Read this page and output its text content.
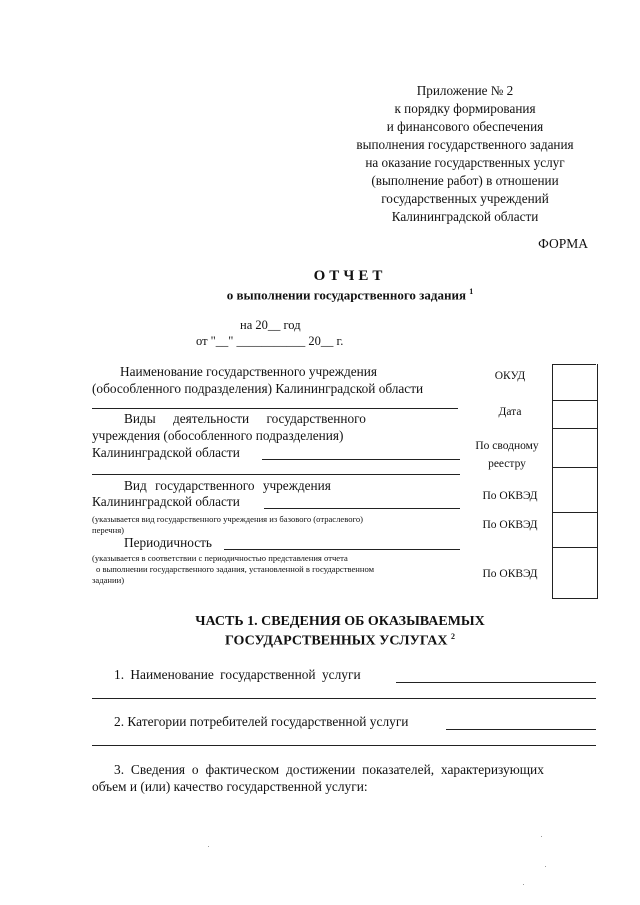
Приложение № 2
к порядку формирования
и финансового обеспечения
выполнения государственного задания
на оказание государственных услуг
(выполнение работ) в отношении
государственных учреждений
Калининградской области
ФОРМА
ОТЧЕТ
о выполнении государственного задания $^1$
на 20__ год
от "__" ___________ 20__ г.
Наименование государственного учреждения
(обособленного подразделения) Калининградской области
Виды деятельности государственного
учреждения (обособленного подразделения)
Калининградской области
Вид государственного учреждения
Калининградской области
(указывается вид государственного учреждения из базового (отраслевого)
перечня)
Периодичность
(указывается в соответствии с периодичностью представления отчета
о выполнении государственного задания, установленной в государственном
задании)
ОКУД
Дата
По сводному
реестру
По ОКВЭД
По ОКВЭД
По ОКВЭД
ЧАСТЬ 1. СВЕДЕНИЯ ОБ ОКАЗЫВАЕМЫХ
ГОСУДАРСТВЕННЫХ УСЛУГАХ $^2$
1. Наименование государственной услуги
2. Категории потребителей государственной услуги
3. Сведения о фактическом достижении показателей, характеризующих
объем и (или) качество государственной услуги:
